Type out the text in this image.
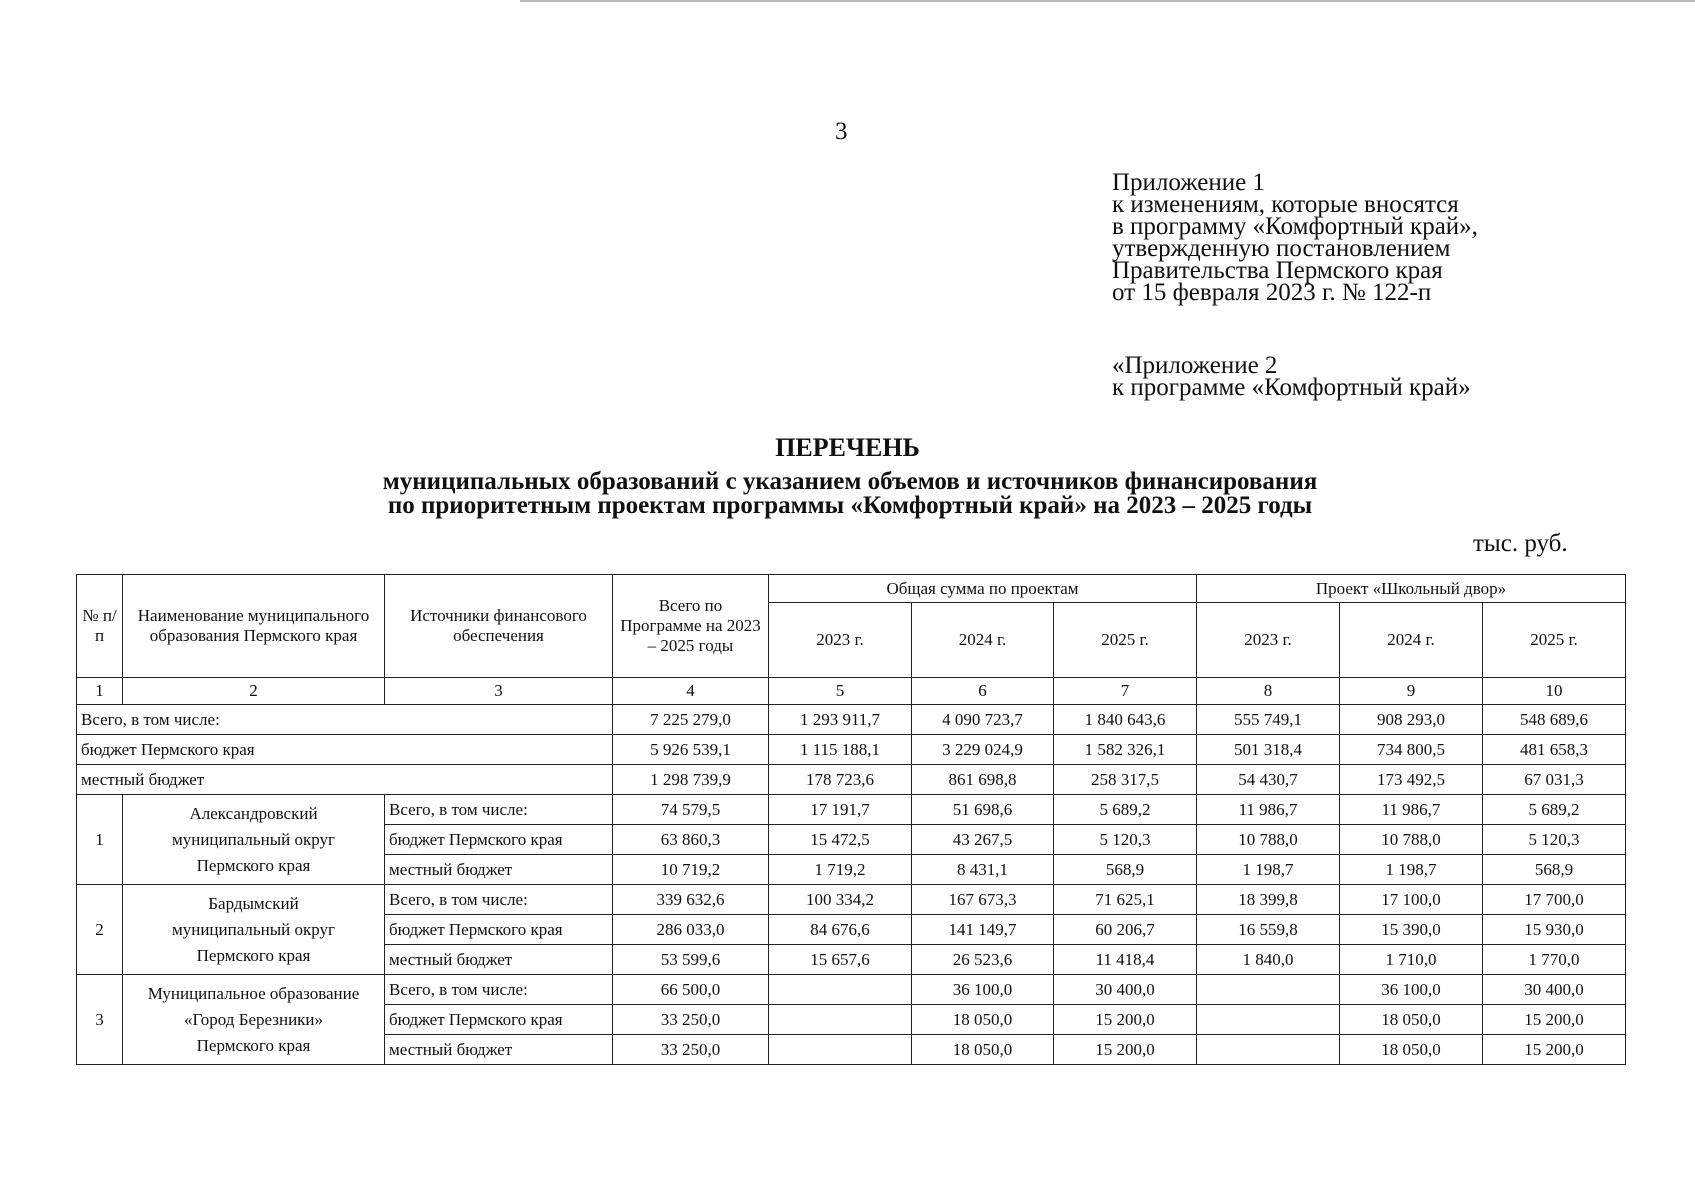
3
Приложение 1
к изменениям, которые вносятся
в программу «Комфортный край»,
утвержденную постановлением
Правительства Пермского края
от 15 февраля 2023 г. № 122-п
«Приложение 2
к программе «Комфортный край»
ПЕРЕЧЕНЬ
муниципальных образований с указанием объемов и источников финансирования
по приоритетным проектам программы «Комфортный край» на 2023 – 2025 годы
тыс. руб.
№ п/п	Наименование муниципального образования Пермского края	Источники финансового обеспечения	Всего по Программе на 2023 – 2025 годы	Общая сумма по проектам			Проект «Школьный двор»		
				2023 г.	2024 г.	2025 г.	2023 г.	2024 г.	2025 г.
1	2	3	4	5	6	7	8	9	10
Всего, в том числе:			7 225 279,0	1 293 911,7	4 090 723,7	1 840 643,6	555 749,1	908 293,0	548 689,6
бюджет Пермского края			5 926 539,1	1 115 188,1	3 229 024,9	1 582 326,1	501 318,4	734 800,5	481 658,3
местный бюджет			1 298 739,9	178 723,6	861 698,8	258 317,5	54 430,7	173 492,5	67 031,3
1	Александровский
муниципальный округ
Пермского края	Всего, в том числе:	74 579,5	17 191,7	51 698,6	5 689,2	11 986,7	11 986,7	5 689,2
		бюджет Пермского края	63 860,3	15 472,5	43 267,5	5 120,3	10 788,0	10 788,0	5 120,3
		местный бюджет	10 719,2	1 719,2	8 431,1	568,9	1 198,7	1 198,7	568,9
2	Бардымский
муниципальный округ
Пермского края	Всего, в том числе:	339 632,6	100 334,2	167 673,3	71 625,1	18 399,8	17 100,0	17 700,0
		бюджет Пермского края	286 033,0	84 676,6	141 149,7	60 206,7	16 559,8	15 390,0	15 930,0
		местный бюджет	53 599,6	15 657,6	26 523,6	11 418,4	1 840,0	1 710,0	1 770,0
3	Муниципальное образование
«Город Березники»
Пермского края	Всего, в том числе:	66 500,0		36 100,0	30 400,0		36 100,0	30 400,0
		бюджет Пермского края	33 250,0		18 050,0	15 200,0		18 050,0	15 200,0
		местный бюджет	33 250,0		18 050,0	15 200,0		18 050,0	15 200,0
